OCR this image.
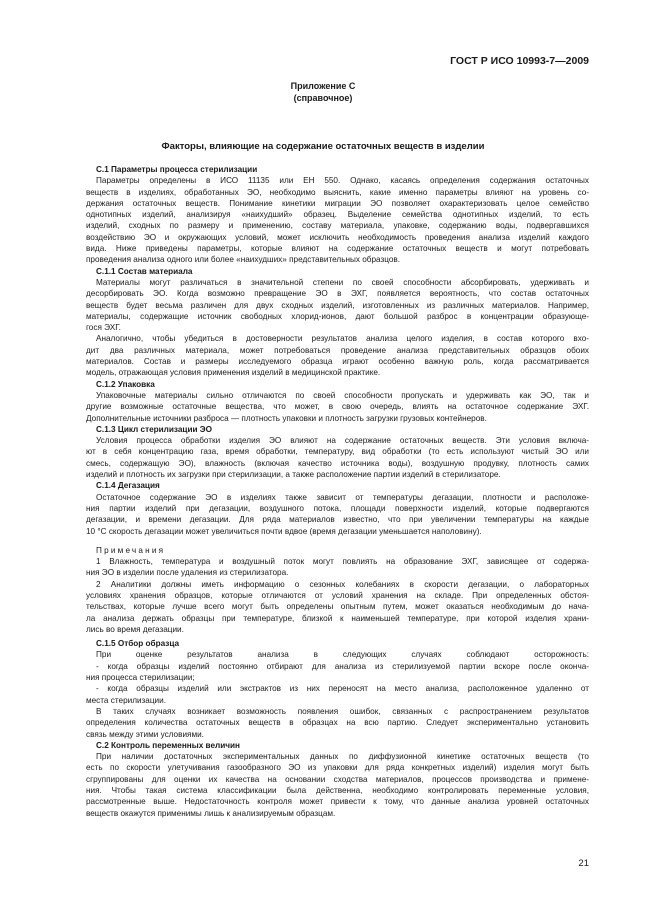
ГОСТ Р ИСО 10993-7—2009
Приложение С
(справочное)
Факторы, влияющие на содержание остаточных веществ в изделии

С.1 Параметры процесса стерилизации

Параметры определены в ИСО 11135 или ЕН 550. Однако, касаясь определения содержания остаточных

веществ в изделиях, обработанных ЭО, необходимо выяснить, какие именно параметры влияют на уровень со-

держания остаточных веществ. Понимание кинетики миграции ЭО позволяет охарактеризовать целое семейство

однотипных изделий, анализируя «наихудший» образец. Выделение семейства однотипных изделий, то есть

изделий, сходных по размеру и применению, составу материала, упаковке, содержанию воды, подвергавшихся

воздействию ЭО и окружающих условий, может исключить необходимость проведения анализа изделий каждого

вида. Ниже приведены параметры, которые влияют на содержание остаточных веществ и могут потребовать

проведения анализа одного или более «наихудших» представительных образцов.

С.1.1 Состав материала

Материалы могут различаться в значительной степени по своей способности абсорбировать, удерживать и

десорбировать ЭО. Когда возможно превращение ЭО в ЭХГ, появляется вероятность, что состав остаточных

веществ будет весьма различен для двух сходных изделий, изготовленных из различных материалов. Например,

материалы, содержащие источник свободных хлорид-ионов, дают большой разброс в концентрации образующе-

гося ЭХГ.

Аналогично, чтобы убедиться в достоверности результатов анализа целого изделия, в состав которого вхо-

дит два различных материала, может потребоваться проведение анализа представительных образцов обоих

материалов. Состав и размеры исследуемого образца играют особенно важную роль, когда рассматривается

модель, отражающая условия применения изделий в медицинской практике.

С.1.2 Упаковка

Упаковочные материалы сильно отличаются по своей способности пропускать и удерживать как ЭО, так и

другие возможные остаточные вещества, что может, в свою очередь, влиять на остаточное содержание ЭХГ.

Дополнительные источники разброса — плотность упаковки и плотность загрузки грузовых контейнеров.

С.1.3 Цикл стерилизации ЭО

Условия процесса обработки изделия ЭО влияют на содержание остаточных веществ. Эти условия включа-

ют в себя концентрацию газа, время обработки, температуру, вид обработки (то есть используют чистый ЭО или

смесь, содержащую ЭО), влажность (включая качество источника воды), воздушную продувку, плотность самих

изделий и плотность их загрузки при стерилизации, а также расположение партии изделий в стерилизаторе.

С.1.4 Дегазация

Остаточное содержание ЭО в изделиях также зависит от температуры дегазации, плотности и расположе-

ния партии изделий при дегазации, воздушного потока, площади поверхности изделий, которые подвергаются

дегазации, и времени дегазации. Для ряда материалов известно, что при увеличении температуры на каждые

10 °С скорость дегазации может увеличиться почти вдвое (время дегазации уменьшается наполовину).

Примечания

1 Влажность, температура и воздушный поток могут повлиять на образование ЭХГ, зависящее от содержа-

ния ЭО в изделии после удаления из стерилизатора.

2 Аналитики должны иметь информацию о сезонных колебаниях в скорости дегазации, о лабораторных

условиях хранения образцов, которые отличаются от условий хранения на складе. При определенных обстоя-

тельствах, которые лучше всего могут быть определены опытным путем, может оказаться необходимым до нача-

ла анализа держать образцы при температуре, близкой к наименьшей температуре, при которой изделия храни-

лись во время дегазации.

С.1.5 Отбор образца

При оценке результатов анализа в следующих случаях соблюдают осторожность:

- когда образцы изделий постоянно отбирают для анализа из стерилизуемой партии вскоре после оконча-

ния процесса стерилизации;

- когда образцы изделий или экстрактов из них переносят на место анализа, расположенное удаленно от

места стерилизации.

В таких случаях возникает возможность появления ошибок, связанных с распространением результатов

определения количества остаточных веществ в образцах на всю партию. Следует экспериментально установить

связь между этими условиями.

С.2 Контроль переменных величин

При наличии достаточных экспериментальных данных по диффузионной кинетике остаточных веществ (то

есть по скорости улетучивания газообразного ЭО из упаковки для ряда конкретных изделий) изделия могут быть

сгруппированы для оценки их качества на основании сходства материалов, процессов производства и примене-

ния. Чтобы такая система классификации была действенна, необходимо контролировать переменные условия,

рассмотренные выше. Недостаточность контроля может привести к тому, что данные анализа уровней остаточных

веществ окажутся применимы лишь к анализируемым образцам.

21
